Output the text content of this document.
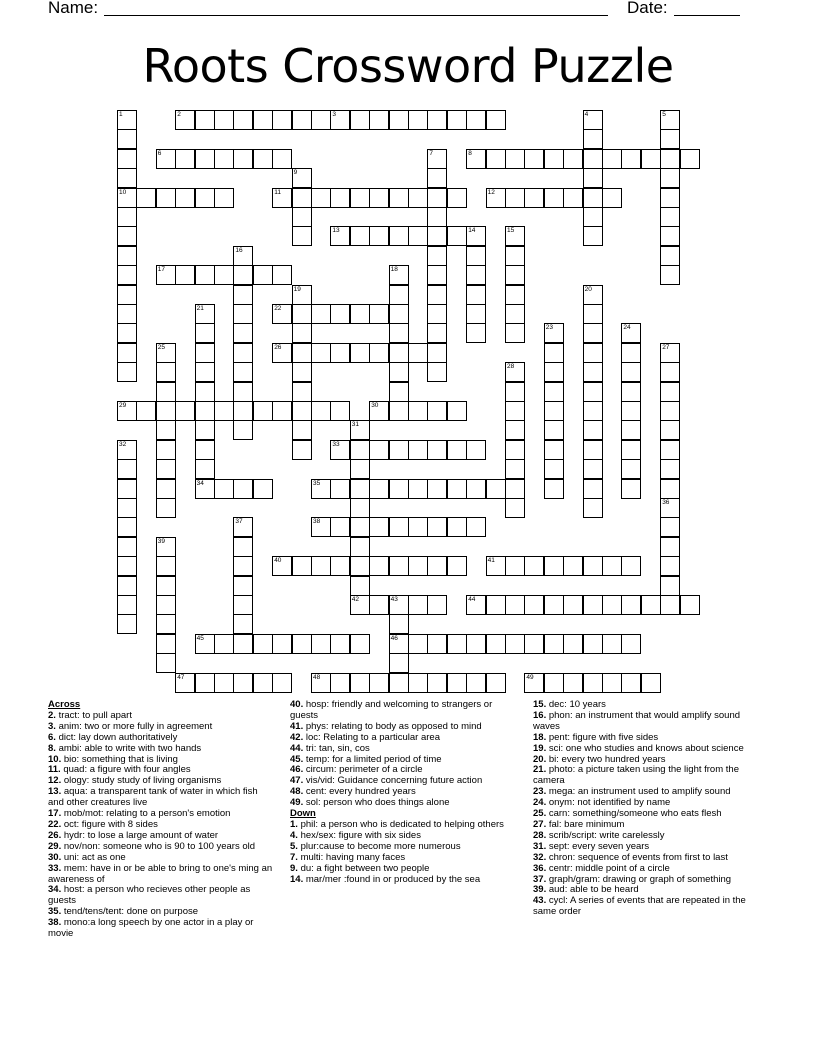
Name:	Date:
Roots Crossword Puzzle
2	3
6	8
10	11	12
13	14
17
22
26
29	30
33
34	35
38
40	41
42	43	44
45	46
47	48	49
1	4	5
7
9
15
16
18
19	20
21
23	24
25	27
28
31
32
36
37
39
Across
2. tract: to pull apart
3. anim: two or more fully in agreement
6. dict: lay down authoritatively
8. ambi: able to write with two hands
10. bio: something that is living
11. quad: a figure with four angles
12. ology: study study of living organisms
13. aqua: a transparent tank of water in which fish and other creatures live
17. mob/mot: relating to a person's emotion
22. oct: figure with 8 sides
26. hydr: to lose a large amount of water
29. nov/non: someone who is 90 to 100 years old
30. uni: act as one
33. mem: have in or be able to bring to one's ming an awareness of
34. host: a person who recieves other people as guests
35. tend/tens/tent: done on purpose
38. mono:a long speech by one actor in a play or movie
40. hosp: friendly and welcoming to strangers or guests
41. phys: relating to body as opposed to mind
42. loc: Relating to a particular area
44. tri: tan, sin, cos
45. temp: for a limited period of time
46. circum: perimeter of a circle
47. vis/vid: Guidance concerning future action
48. cent: every hundred years
49. sol: person who does things alone
Down
1. phil: a person who is dedicated to helping others
4. hex/sex: figure with six sides
5. plur:cause to become more numerous
7. multi: having many faces
9. du: a fight between two people
14. mar/mer :found in or produced by the sea
15. dec: 10 years
16. phon: an instrument that would amplify sound waves
18. pent: figure with five sides
19. sci: one who studies and knows about science
20. bi: every two hundred years
21. photo: a picture taken using the light from the camera
23. mega: an instrument used to amplify sound
24. onym: not identified by name
25. carn: something/someone who eats flesh
27. fal: bare minimum
28. scrib/script: write carelessly
31. sept: every seven years
32. chron: sequence of events from first to last
36. centr: middle point of a circle
37. graph/gram: drawing or graph of something
39. aud: able to be heard
43. cycl: A series of events that are repeated in the same order
